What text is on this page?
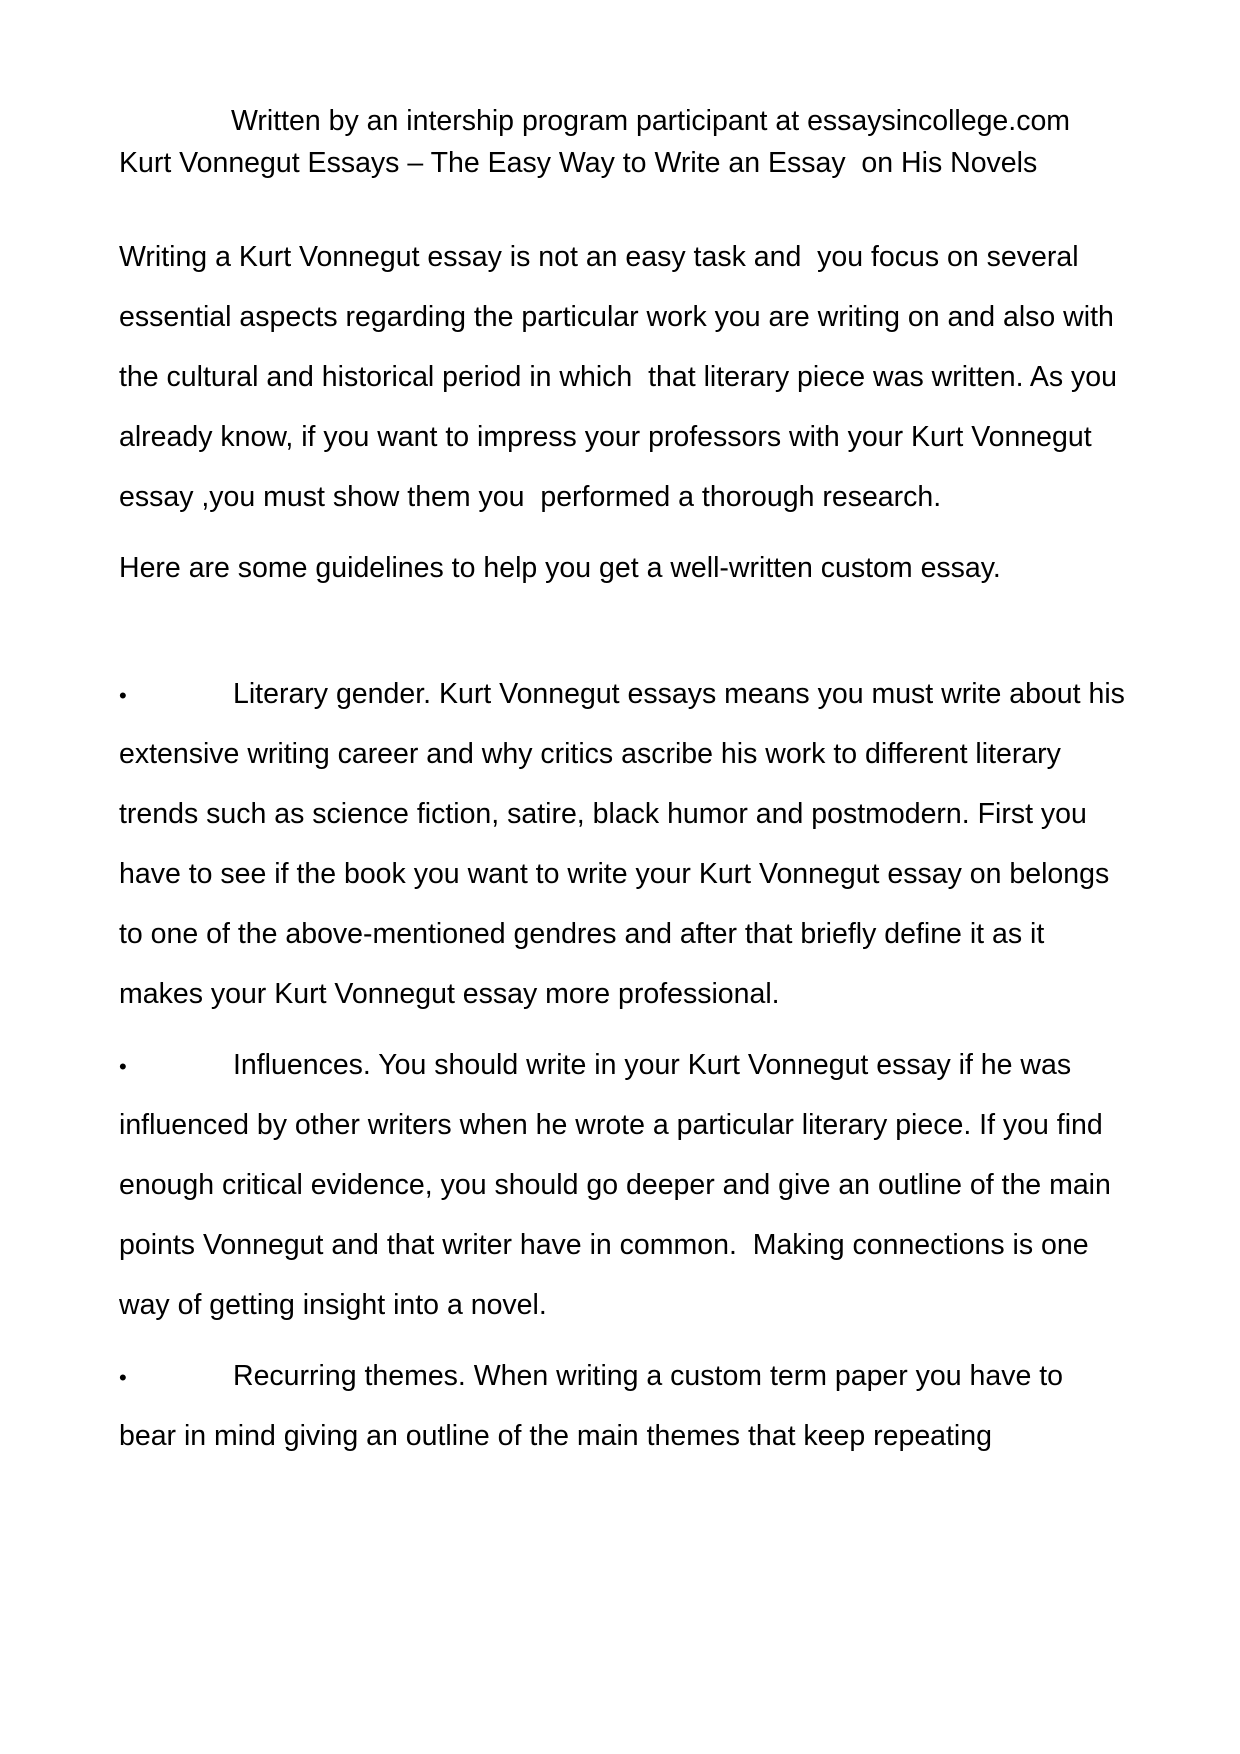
Written by an intership program participant at essaysincollege.com

Kurt Vonnegut Essays – The Easy Way to Write an Essay  on His Novels

Writing a Kurt Vonnegut essay is not an easy task and  you focus on several

essential aspects regarding the particular work you are writing on and also with

the cultural and historical period in which  that literary piece was written. As you

already know, if you want to impress your professors with your Kurt Vonnegut

essay ,you must show them you  performed a thorough research.

Here are some guidelines to help you get a well-written custom essay.

•	Literary gender. Kurt Vonnegut essays means you must write about his

extensive writing career and why critics ascribe his work to different literary

trends such as science fiction, satire, black humor and postmodern. First you

have to see if the book you want to write your Kurt Vonnegut essay on belongs

to one of the above-mentioned gendres and after that briefly define it as it

makes your Kurt Vonnegut essay more professional.

•	Influences. You should write in your Kurt Vonnegut essay if he was

influenced by other writers when he wrote a particular literary piece. If you find

enough critical evidence, you should go deeper and give an outline of the main

points Vonnegut and that writer have in common.  Making connections is one

way of getting insight into a novel.

•	Recurring themes. When writing a custom term paper you have to

bear in mind giving an outline of the main themes that keep repeating
